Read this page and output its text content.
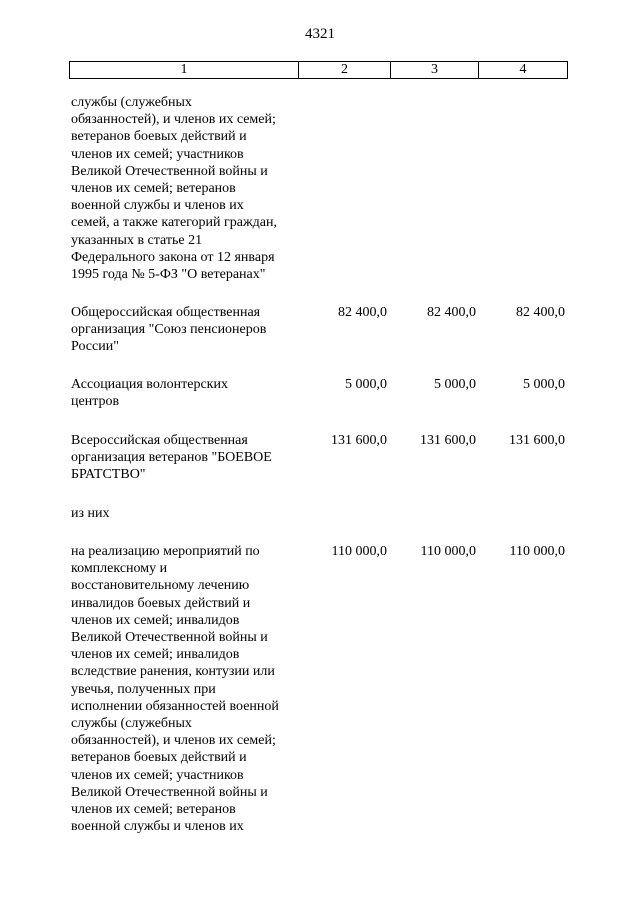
4321
1	2	3	4
службы (служебных
обязанностей), и членов их семей;
ветеранов боевых действий и
членов их семей; участников
Великой Отечественной войны и
членов их семей; ветеранов
военной службы и членов их
семей, а также категорий граждан,
указанных в статье 21
Федерального закона от 12 января
1995 года № 5-ФЗ "О ветеранах"
Общероссийская общественная
организация "Союз пенсионеров
России"
82 400,0	82 400,0	82 400,0
Ассоциация волонтерских
центров
5 000,0	5 000,0	5 000,0
Всероссийская общественная
организация ветеранов "БОЕВОЕ
БРАТСТВО"
131 600,0 131 600,0 131 600,0
из них
на реализацию мероприятий по
комплексному и
восстановительному лечению
инвалидов боевых действий и
членов их семей; инвалидов
Великой Отечественной войны и
членов их семей; инвалидов
вследствие ранения, контузии или
увечья, полученных при
исполнении обязанностей военной
службы (служебных
обязанностей), и членов их семей;
ветеранов боевых действий и
членов их семей; участников
Великой Отечественной войны и
членов их семей; ветеранов
военной службы и членов их
110 000,0 110 000,0 110 000,0
